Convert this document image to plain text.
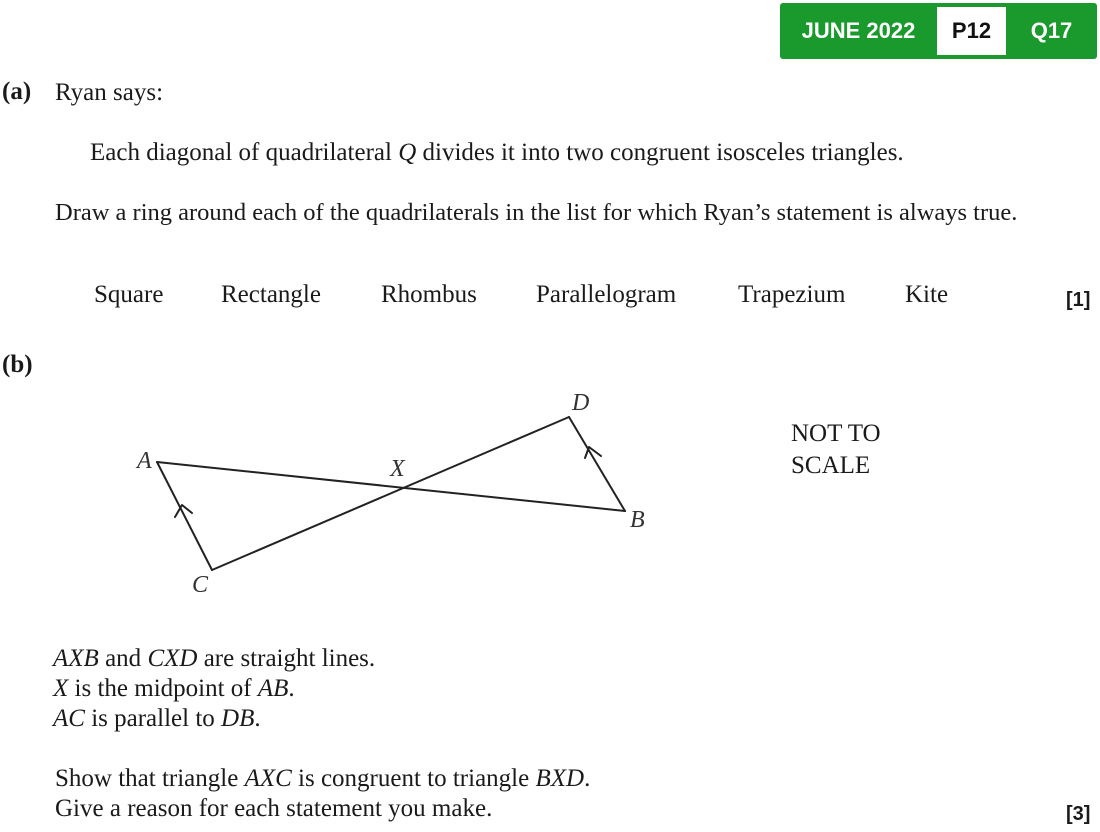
JUNE 2022	P12	Q17
(a) Ryan says:
Each diagonal of quadrilateral Q divides it into two congruent isosceles triangles.
Draw a ring around each of the quadrilaterals in the list for which Ryan’s statement is always true.
Square Rectangle Rhombus Parallelogram Trapezium Kite	[1]
(b)
A
B
C
D
X
NOT TO
SCALE
AXB and CXD are straight lines.
X is the midpoint of AB.
AC is parallel to DB.
Show that triangle AXC is congruent to triangle BXD.
Give a reason for each statement you make.	[3]
